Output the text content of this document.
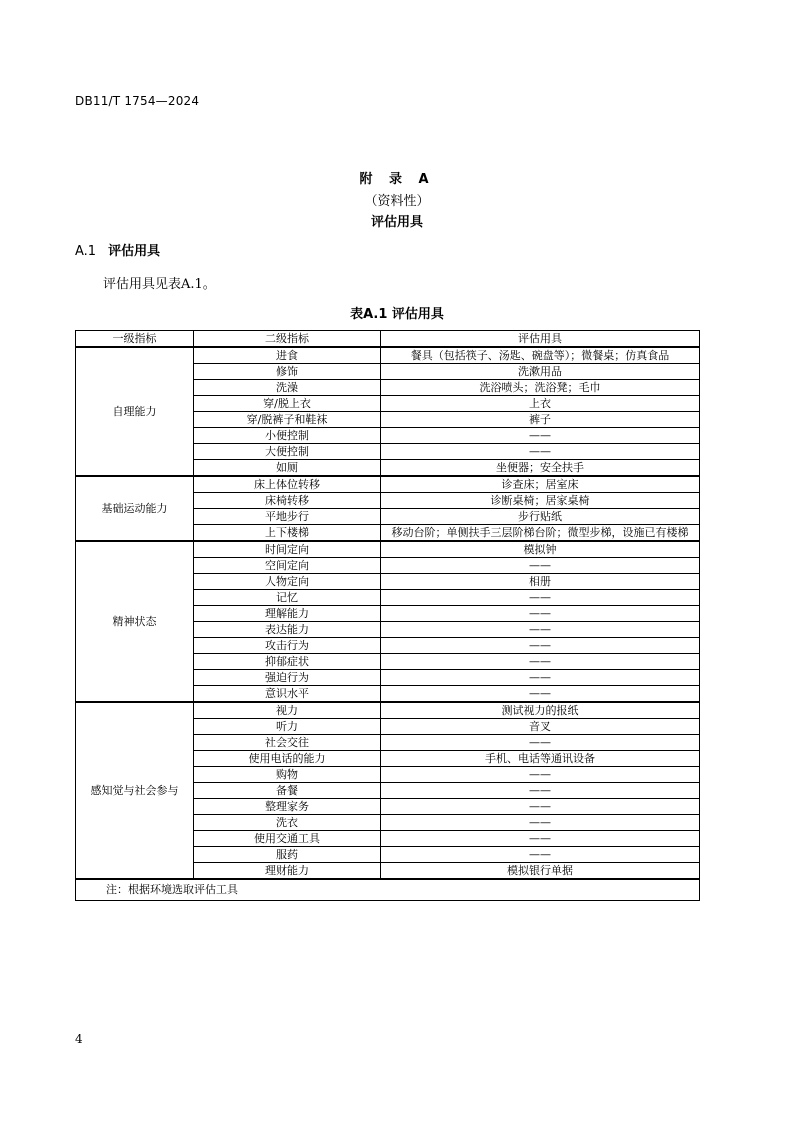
DB11/T 1754—2024
附 录 A
（资料性）
评估用具
A.1 评估用具
评估用具见表A.1。
表A.1 评估用具
一级指标	二级指标	评估用具
自理能力	进食	餐具（包括筷子、汤匙、碗盘等）；微餐桌；仿真食品
	修饰	洗漱用品
	洗澡	洗浴喷头；洗浴凳；毛巾
	穿/脱上衣	上衣
	穿/脱裤子和鞋袜	裤子
	小便控制	——
	大便控制	——
	如厕	坐便器；安全扶手
基础运动能力	床上体位转移	诊查床；居室床
	床椅转移	诊断桌椅；居家桌椅
	平地步行	步行贴纸
	上下楼梯	移动台阶；单侧扶手三层阶梯台阶；微型步梯，设施已有楼梯
精神状态	时间定向	模拟钟
	空间定向	——
	人物定向	相册
	记忆	——
	理解能力	——
	表达能力	——
	攻击行为	——
	抑郁症状	——
	强迫行为	——
	意识水平	——
感知觉与社会参与	视力	测试视力的报纸
	听力	音叉
	社会交往	——
	使用电话的能力	手机、电话等通讯设备
	购物	——
	备餐	——
	整理家务	——
	洗衣	——
	使用交通工具	——
	服药	——
	理财能力	模拟银行单据
注：根据环境选取评估工具		
4
